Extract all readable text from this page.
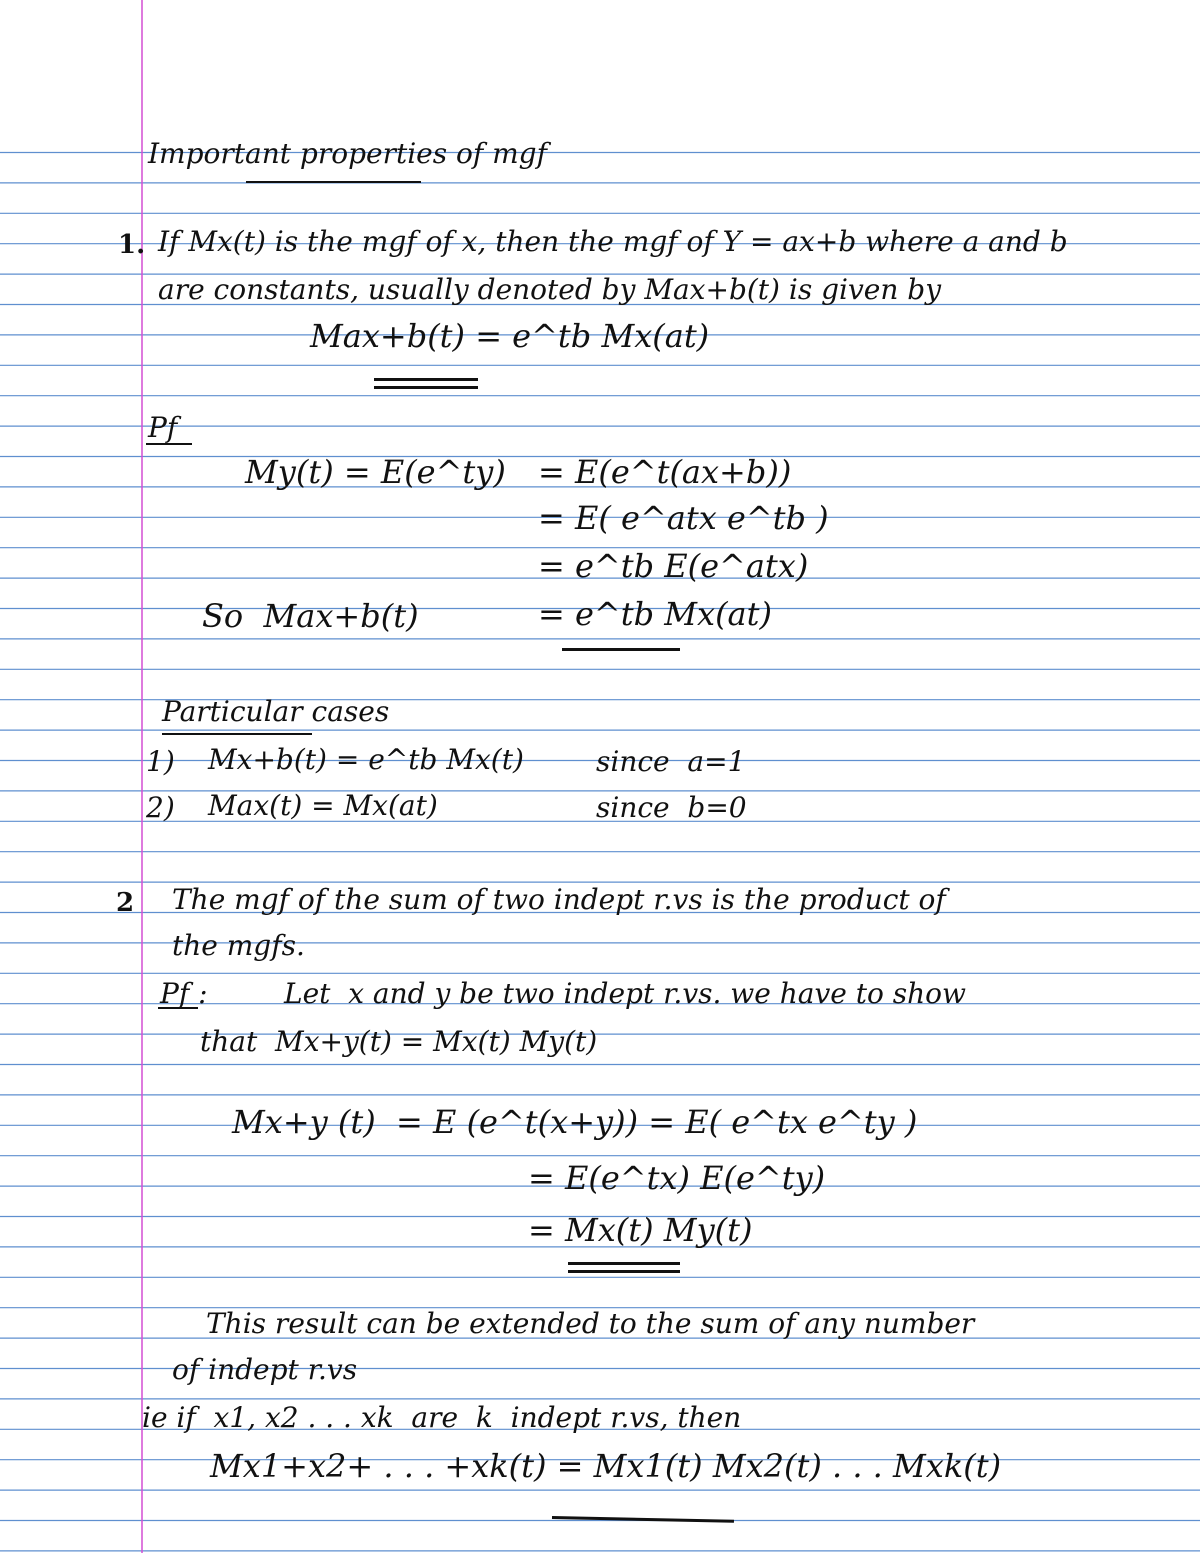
Important properties of mgf
1. If Mx(t) is the mgf of x, then the mgf of Y = ax+b where a and b
are constants, usually denoted by Max+b(t) is given by
Max+b(t) = e^tb Mx(at)
Pf
My(t) = E(e^ty) = E(e^t(ax+b))
= E( e^atx e^tb )
= e^tb E(e^atx)
So  Max+b(t)	= e^tb Mx(at)
Particular cases
1) Mx+b(t) = e^tb Mx(t)	since  a=1
2) Max(t) = Mx(at)	since  b=0
2 The mgf of the sum of two indept r.vs is the product of
the mgfs.
Pf :	Let  x and y be two indept r.vs. we have to show
that  Mx+y(t) = Mx(t) My(t)
Mx+y (t)  = E (e^t(x+y)) = E( e^tx e^ty )
= E(e^tx) E(e^ty)
= Mx(t) My(t)
This result can be extended to the sum of any number
of indept r.vs
ie if  x1, x2 . . . xk  are  k  indept r.vs, then
Mx1+x2+ . . . +xk(t) = Mx1(t) Mx2(t) . . . Mxk(t)
